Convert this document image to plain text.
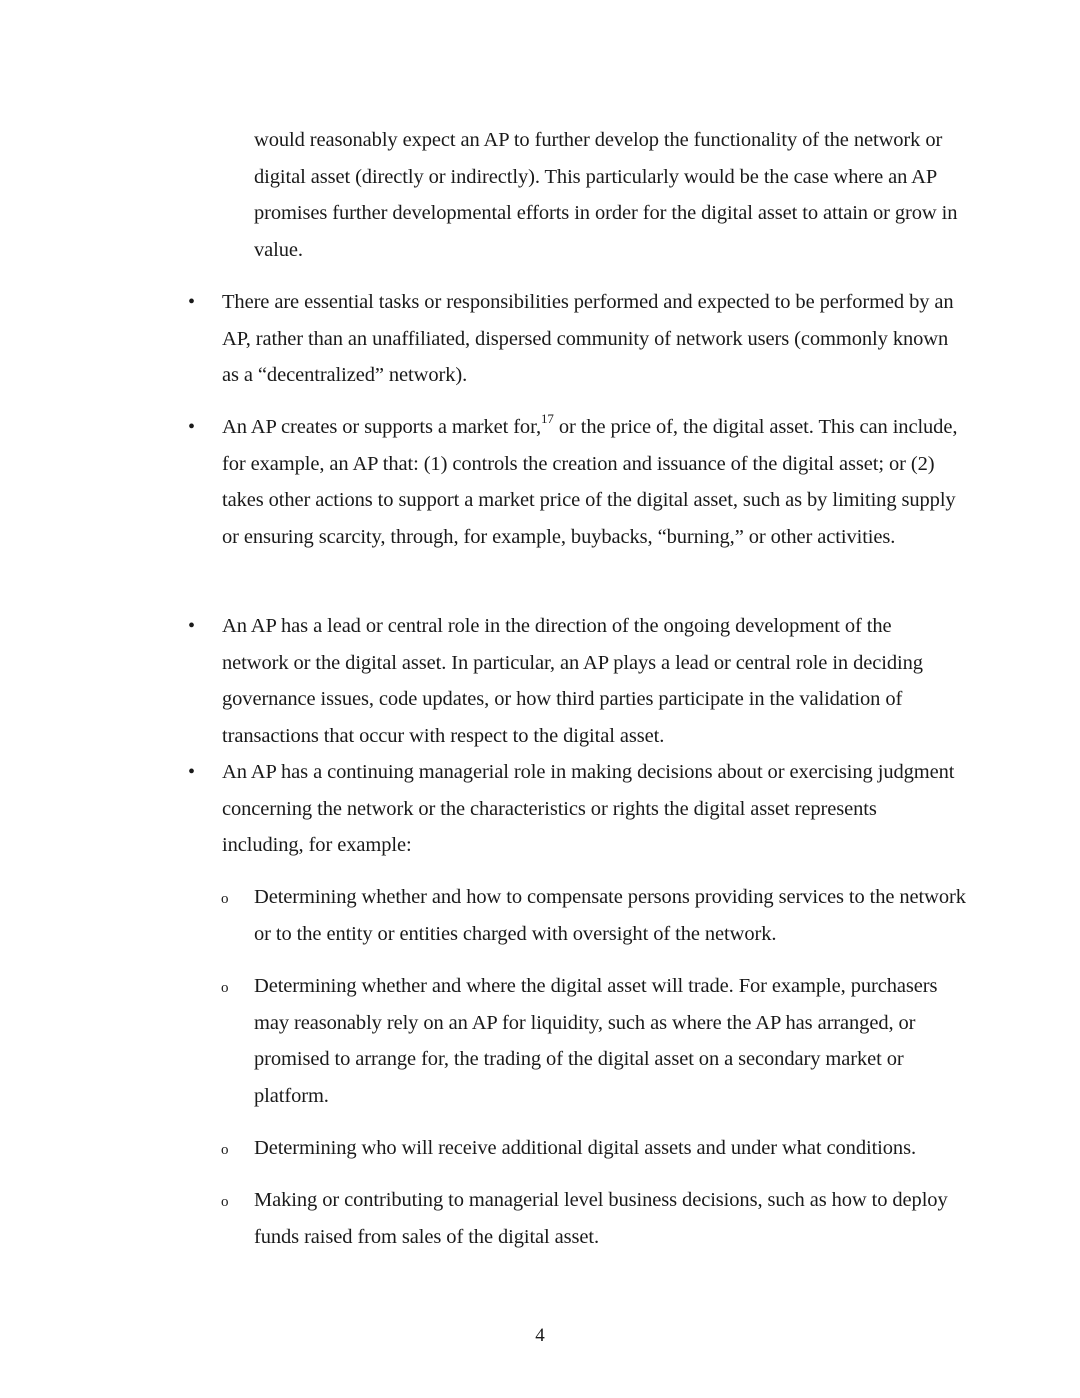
would reasonably expect an AP to further develop the functionality of the network or digital asset (directly or indirectly). This particularly would be the case where an AP promises further developmental efforts in order for the digital asset to attain or grow in value.
•	There are essential tasks or responsibilities performed and expected to be performed by an AP, rather than an unaffiliated, dispersed community of network users (commonly known as a “decentralized” network).
•	An AP creates or supports a market for,$^{17}$ or the price of, the digital asset. This can include, for example, an AP that: (1) controls the creation and issuance of the digital asset; or (2) takes other actions to support a market price of the digital asset, such as by limiting supply or ensuring scarcity, through, for example, buybacks, “burning,” or other activities.
•	An AP has a lead or central role in the direction of the ongoing development of the network or the digital asset. In particular, an AP plays a lead or central role in deciding governance issues, code updates, or how third parties participate in the validation of transactions that occur with respect to the digital asset.
•	An AP has a continuing managerial role in making decisions about or exercising judgment concerning the network or the characteristics or rights the digital asset represents including, for example:
o Determining whether and how to compensate persons providing services to the network or to the entity or entities charged with oversight of the network.
o Determining whether and where the digital asset will trade. For example, purchasers may reasonably rely on an AP for liquidity, such as where the AP has arranged, or promised to arrange for, the trading of the digital asset on a secondary market or platform.
o Determining who will receive additional digital assets and under what conditions.
o Making or contributing to managerial level business decisions, such as how to deploy funds raised from sales of the digital asset.
4
